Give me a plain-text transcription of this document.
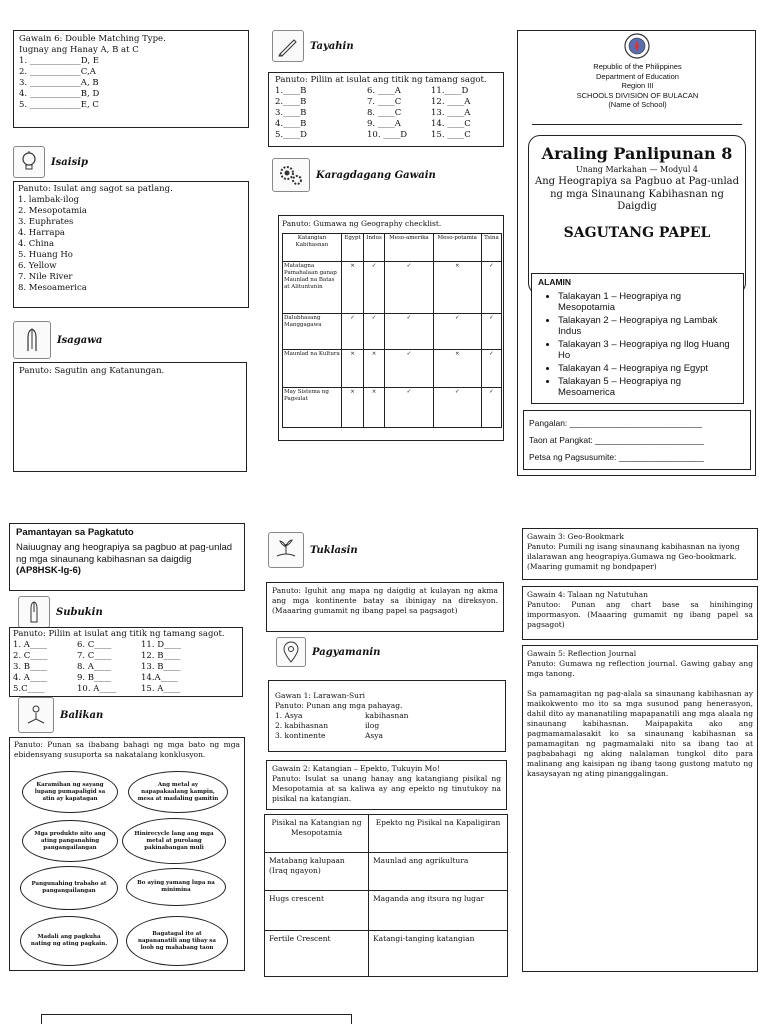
Gawain 6: Double Matching Type.
Iugnay ang Hanay A, B at C
1. ____________D, E
2. ____________C,A
3. ____________A, B
4. ____________B, D
5. ____________E, C
Isaisip
Panuto: Isulat ang sagot sa patlang.
1. lambak-ilog
2. Mesopotamia
3. Euphrates
4. Harrapa
4. China
5. Huang Ho
6. Yellow
7. Nile River
8. Mesoamerica
Isagawa
Panuto: Sagutin ang Katanungan.
Tayahin
Panuto: Piliin at isulat ang titik ng tamang sagot.
1.____B	6. ____A	11.____D
2.____B	7. ____C	12. ____A
3.____B	8. ____C	13. ____A
4.____B	9. ____A	14. ____C
5.____D	10. ____D	15. ____C
Karagdagang Gawain
Panuto: Gumawa ng Geography checklist.
Katangian Kabihasnan	Egypt	Indus	Meso-amerika	Meso-potamia	Tsina
Matatagna Pamahalaan ganap Maunlad na Batas at Alituntunin	×	✓	✓	×	✓
Dalubhasang Manggagawa	✓	✓	✓	✓	✓
Maunlad na Kultura	×	×	✓	×	✓
May Sistema ng Pagsulat	×	×	✓	✓	✓
Republic of the Philippines
Department of Education
Region III
SCHOOLS DIVISION OF BULACAN
(Name of School)
Araling Panlipunan 8
Unang Markahan — Modyul 4
Ang Heograpiya sa Pagbuo at Pag-unlad ng mga Sinaunang Kabihasnan ng Daigdig
SAGUTANG PAPEL
ALAMIN
• Talakayan 1 – Heograpiya ng Mesopotamia
• Talakayan 2 – Heograpiya ng Lambak Indus
• Talakayan 3 – Heograpiya ng Ilog Huang Ho
• Talakayan 4 – Heograpiya ng Egypt
• Talakayan 5 – Heograpiya ng Mesoamerica
Pangalan: ____________________________
Taon at Pangkat: _______________________
Petsa ng Pagsusumite: __________________
Pamantayan sa Pagkatuto
Naiuugnay ang heograpiya sa pagbuo at pag-unlad ng mga sinaunang kabihasnan sa daigdig (AP8HSK-Ig-6)
Subukin
Panuto: Piliin at isulat ang titik ng tamang sagot.
1. A____	6. C____	11. D____
2. C____	7. C____	12. B____
3. B____	8. A____	13. B____
4. A____	9. B____	14.A____
5.C____	10. A____	15. A____
Balikan
Panuto: Punan sa ibabang bahagi ng mga bato ng mga ebidensyang susuporta sa nakatalang konklusyon.
Karamihan ng sayang lupang pumapaligid sa atin ay kapatagan
Ang metal ay napapakaalang kampin, mesa at madaling gamitin
Mga produkto nito ang ating panganahing pangangailangan
Hinirecycle lang ang mga metal at purolang pakinabangan muli
Pangunahing trabaho at pangangailangan
Bo aying yamang lupa na minimina
Madali ang pagkuha nating ng ating pagkain.
Bagatagal ito at napananatili ang tibay sa loob ng mahabang taon
Tuklasin
Panuto: Iguhit ang mapa ng daigdig at kulayan ng akma ang mga kontinente batay sa ibinigay na direksyon. (Maaaring gumamit ng ibang papel sa pagsagot)
Pagyamanin
Gawan 1: Larawan-Suri
Panuto: Punan ang mga pahayag.
1. Asya	kabihasnan
2. kabihasnan	ilog
3. kontinente	Asya
Gawain 2: Katangian – Epekto, Tukuyin Mo!
Panuto: Isulat sa unang hanay ang katangiang pisikal ng Mesopotamia at sa kaliwa ay ang epekto ng tinutukoy na pisikal na katangian.
Pisikal na Katangian ng Mesopotamia	Epekto ng Pisikal na Kapaligiran
Matabang kalupaan (Iraq ngayon)	Maunlad ang agrikultura
Hugs crescent	Maganda ang itsura ng lugar
Fertile Crescent	Katangi-tanging katangian
Gawain 3: Geo-Bookmark
Panuto: Pumili ng isang sinaunang kabihasnan na iyong ilalarawan ang heograpiya.Gumawa ng Geo-bookmark. (Maaring gumamit ng bondpaper)
Gawain 4: Talaan ng Natutuhan
Panutoo: Punan ang chart base sa hinihinging impormasyon. (Maaaring gumamit ng ibang papel sa pagsagot)
Gawain 5: Reflection Journal
Panuto: Gumawa ng reflection journal. Gawing gabay ang mga tanong.
Sa pamamagitan ng pag-alala sa sinaunang kabihasnan ay maikokwento mo ito sa mga susunod pang henerasyon, dahil dito ay mananatiling mapapanatili ang mga alaala ng sinaunang kabihasnan. Maipapakita ako ang pagmamamalasakit ko sa sinaunang kabihasnan sa pamamagitan ng pagmamalaki nito sa ibang tao at pagbabahagi ng aking nalalaman tungkol dito para malinang ang kaisipan ng ibang taong gustong matuto ng kasaysayan ng ating pinanggalingan.
